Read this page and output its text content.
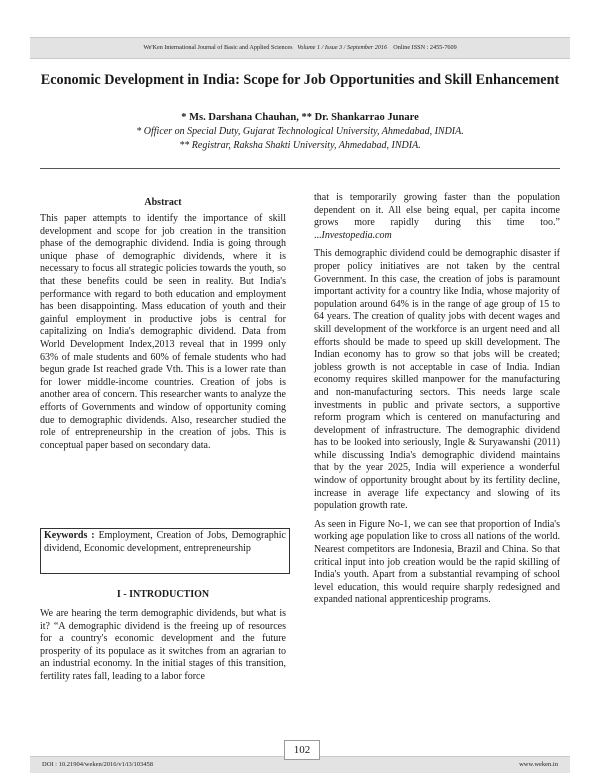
We'Ken International Journal of Basic and Applied Sciences Volume 1 / Issue 3 / September 2016 Online ISSN : 2455-7609
Economic Development in India: Scope for Job Opportunities and Skill Enhancement
* Ms. Darshana Chauhan, ** Dr. Shankarrao Junare
* Officer on Special Duty, Gujarat Technological University, Ahmedabad, INDIA.
** Registrar, Raksha Shakti University, Ahmedabad, INDIA.
Abstract

This paper attempts to identify the importance of skill development and scope for job creation in the transition phase of the demographic dividend. India is going through unique phase of demographic dividends, where it is necessary to focus all strategic policies towards the youth, so that these benefits could be seen in reality. But India's performance with regard to both education and employment has been disappointing. Mass education of youth and their gainful employment in productive jobs is central for capitalizing on India's demographic dividend. Data from World Development Index,2013 reveal that in 1999 only 63% of male students and 60% of female students who had begun grade Ist reached grade Vth. This is a lower rate than for lower middle-income countries. Creation of jobs is another area of concern. This researcher wants to analyze the efforts of Governments and window of opportunity coming due to demographic dividends. Also, researcher studied the role of entrepreneurship in the creation of jobs. This is conceptual paper based on secondary data.

Keywords : Employment, Creation of Jobs, Demographic dividend, Economic development, entrepreneurship
I - INTRODUCTION

We are hearing the term demographic dividends, but what is it? “A demographic dividend is the freeing up of resources for a country's economic development and the future prosperity of its populace as it switches from an agrarian to an industrial economy. In the initial stages of this transition, fertility rates fall, leading to a labor force

that is temporarily growing faster than the population dependent on it. All else being equal, per capita income grows more rapidly during this time too.” ...Investopedia.com

This demographic dividend could be demographic disaster if proper policy initiatives are not taken by the central Government. In this case, the creation of jobs is paramount important activity for a country like India, whose majority of population around 64% is in the range of age group of 15 to 64 years. The creation of quality jobs with decent wages and skill development of the workforce is an urgent need and all efforts should be made to speed up skill development. The Indian economy has to grow so that jobs will be created; jobless growth is not acceptable in case of India. Indian economy requires skilled manpower for the manufacturing and non-manufacturing sectors. This needs large scale investments in public and private sectors, a supportive reform program which is centered on manufacturing and development of infrastructure. The demographic dividend has to be looked into seriously, Ingle & Suryawanshi (2011) while discussing India's demographic dividend maintains that by the year 2025, India will experience a wonderful window of opportunity brought about by its fertility decline, increase in average life expectancy and slowing of its population growth rate.

As seen in Figure No-1, we can see that proportion of India's working age population like to cross all nations of the world. Nearest competitors are Indonesia, Brazil and China. So that critical input into job creation would be the rapid skilling of India's youth. Apart from a substantial revamping of school level education, this would require sharply redesigned and expanded national apprenticeship programs.

DOI : 10.21904/weken/2016/v1/i3/103458	www.weken.in
102
